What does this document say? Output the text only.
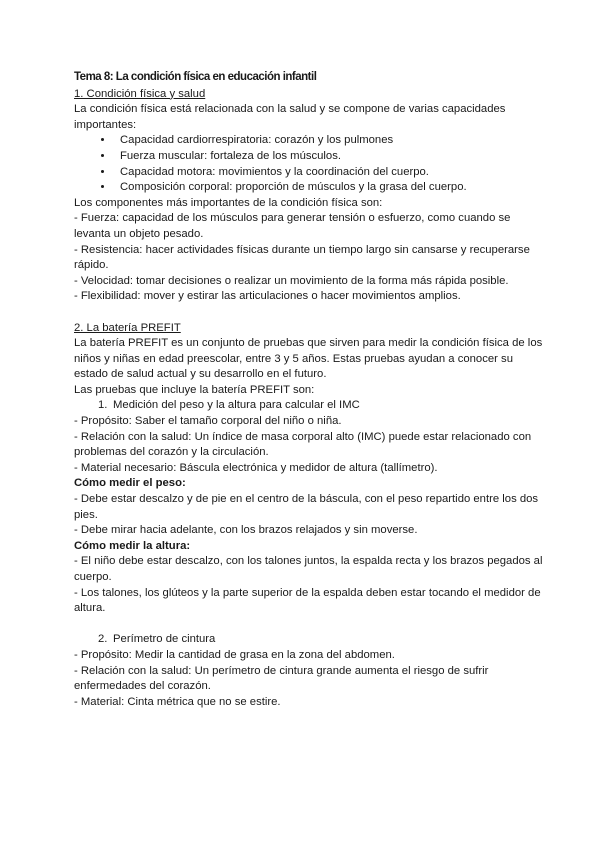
Tema 8: La condición física en educación infantil

1. Condición física y salud

La condición física está relacionada con la salud y se compone de varias capacidades importantes:

• Capacidad cardiorrespiratoria: corazón y los pulmones
• Fuerza muscular: fortaleza de los músculos.
• Capacidad motora: movimientos y la coordinación del cuerpo.
• Composición corporal: proporción de músculos y la grasa del cuerpo.

Los componentes más importantes de la condición física son:

- Fuerza: capacidad de los músculos para generar tensión o esfuerzo, como cuando se levanta un objeto pesado.

- Resistencia: hacer actividades físicas durante un tiempo largo sin cansarse y recuperarse rápido.

- Velocidad: tomar decisiones o realizar un movimiento de la forma más rápida posible.

- Flexibilidad: mover y estirar las articulaciones o hacer movimientos amplios.

2. La batería PREFIT

La batería PREFIT es un conjunto de pruebas que sirven para medir la condición física de los niños y niñas en edad preescolar, entre 3 y 5 años. Estas pruebas ayudan a conocer su estado de salud actual y su desarrollo en el futuro.

Las pruebas que incluye la batería PREFIT son:

1. Medición del peso y la altura para calcular el IMC

- Propósito: Saber el tamaño corporal del niño o niña.

- Relación con la salud: Un índice de masa corporal alto (IMC) puede estar relacionado con problemas del corazón y la circulación.

- Material necesario: Báscula electrónica y medidor de altura (tallímetro).

Cómo medir el peso:

- Debe estar descalzo y de pie en el centro de la báscula, con el peso repartido entre los dos pies.

- Debe mirar hacia adelante, con los brazos relajados y sin moverse.

Cómo medir la altura:

- El niño debe estar descalzo, con los talones juntos, la espalda recta y los brazos pegados al cuerpo.

- Los talones, los glúteos y la parte superior de la espalda deben estar tocando el medidor de altura.

2. Perímetro de cintura

- Propósito: Medir la cantidad de grasa en la zona del abdomen.

- Relación con la salud: Un perímetro de cintura grande aumenta el riesgo de sufrir enfermedades del corazón.

- Material: Cinta métrica que no se estire.
